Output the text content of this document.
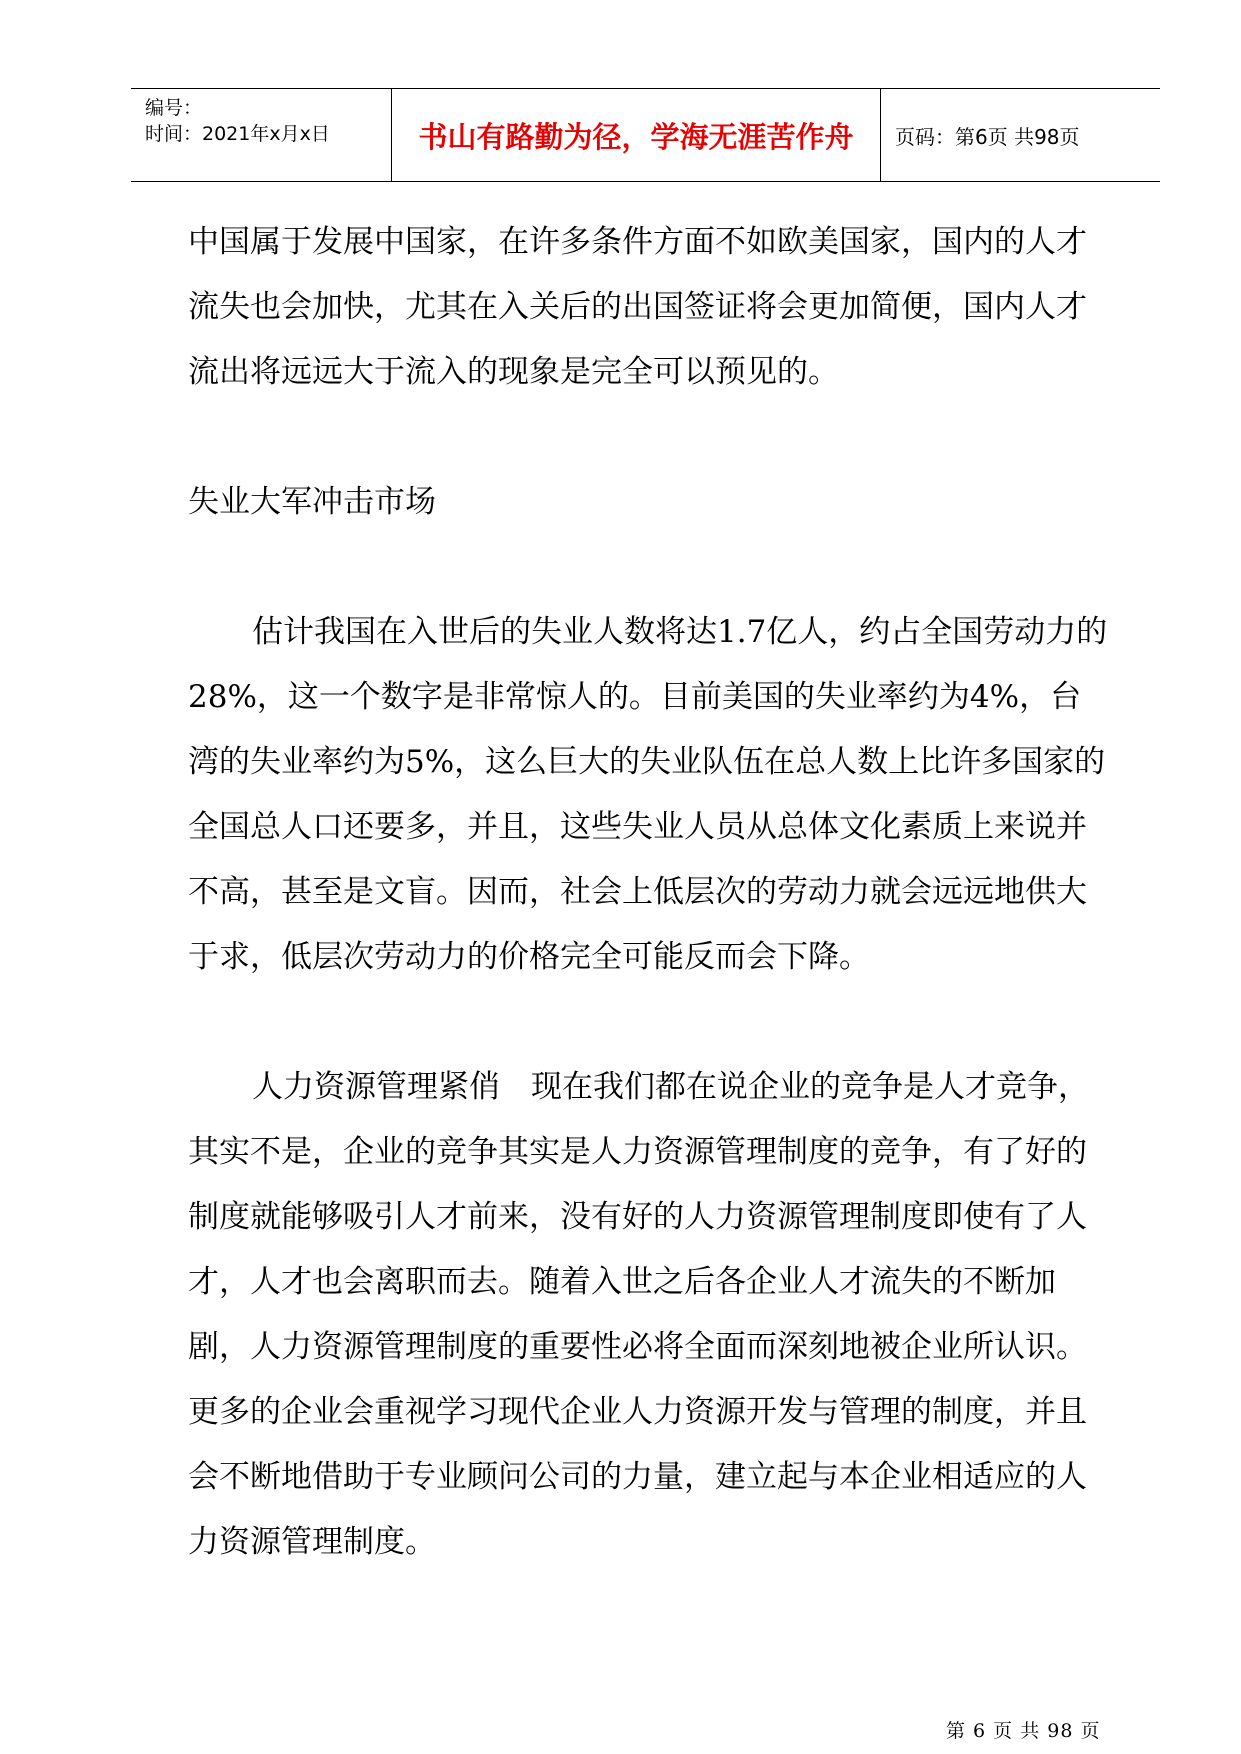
编号：
时间：2021年x月x日	书山有路勤为径，学海无涯苦作舟 页码：第6页 共98页

中国属于发展中国家，在许多条件方面不如欧美国家，国内的人才流失也会加快，尤其在入关后的出国签证将会更加简便，国内人才流出将远远大于流入的现象是完全可以预见的。

失业大军冲击市场

估计我国在入世后的失业人数将达1.7亿人，约占全国劳动力的28%，这一个数字是非常惊人的。目前美国的失业率约为4%，台湾的失业率约为5%，这么巨大的失业队伍在总人数上比许多国家的全国总人口还要多，并且，这些失业人员从总体文化素质上来说并不高，甚至是文盲。因而，社会上低层次的劳动力就会远远地供大于求，低层次劳动力的价格完全可能反而会下降。

人力资源管理紧俏　现在我们都在说企业的竞争是人才竞争，其实不是，企业的竞争其实是人力资源管理制度的竞争，有了好的制度就能够吸引人才前来，没有好的人力资源管理制度即使有了人才，人才也会离职而去。随着入世之后各企业人才流失的不断加剧，人力资源管理制度的重要性必将全面而深刻地被企业所认识。更多的企业会重视学习现代企业人力资源开发与管理的制度，并且会不断地借助于专业顾问公司的力量，建立起与本企业相适应的人力资源管理制度。

第 6 页 共 98 页
